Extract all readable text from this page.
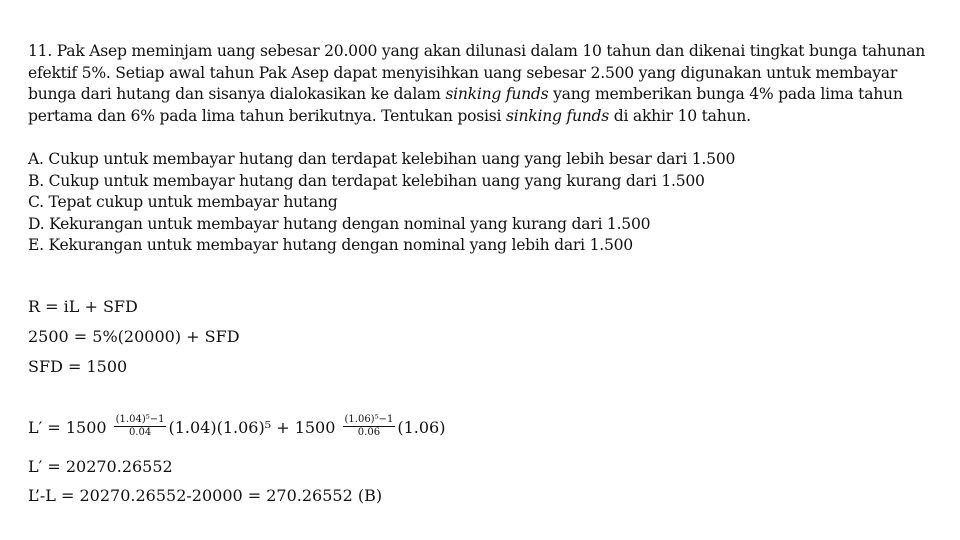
11. Pak Asep meminjam uang sebesar 20.000 yang akan dilunasi dalam 10 tahun dan dikenai tingkat bunga tahunan efektif 5%. Setiap awal tahun Pak Asep dapat menyisihkan uang sebesar 2.500 yang digunakan untuk membayar bunga dari hutang dan sisanya dialokasikan ke dalam sinking funds yang memberikan bunga 4% pada lima tahun pertama dan 6% pada lima tahun berikutnya. Tentukan posisi sinking funds di akhir 10 tahun.

A. Cukup untuk membayar hutang dan terdapat kelebihan uang yang lebih besar dari 1.500
B. Cukup untuk membayar hutang dan terdapat kelebihan uang yang kurang dari 1.500
C. Tepat cukup untuk membayar hutang
D. Kekurangan untuk membayar hutang dengan nominal yang kurang dari 1.500
E. Kekurangan untuk membayar hutang dengan nominal yang lebih dari 1.500
R = iL + SFD
2500 = 5%(20000) + SFD
SFD = 1500
$L' = 1500 \frac{\text{(1.04)⁵−1}}{0.04} (1.04)(1.06)^5 + 1500 \frac{\text{(1.06)⁵−1}}{0.06} (1.06)$
L′ = 20270.26552
L’-L = 20270.26552-20000 = 270.26552 (B)
